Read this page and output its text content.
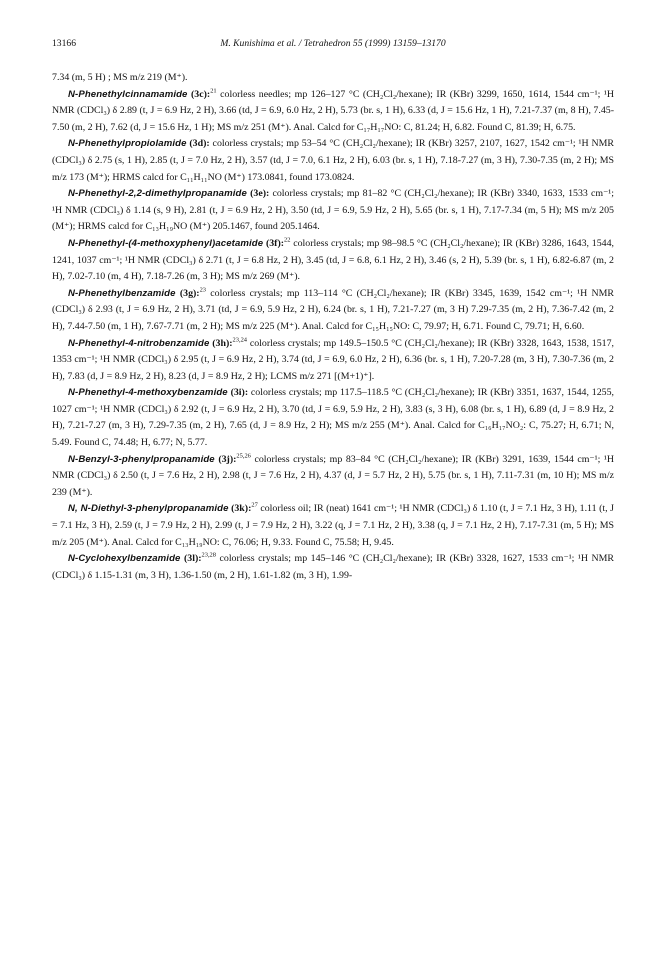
13166	M. Kunishima et al. / Tetrahedron 55 (1999) 13159–13170

7.34 (m, 5 H) ; MS m/z 219 (M⁺).

N-Phenethylcinnamamide (3c):$^{21}$ colorless needles; mp 126–127 °C (CH₂Cl₂/hexane); IR (KBr) 3299, 1650, 1614, 1544 cm⁻¹; ¹H NMR (CDCl₃) δ 2.89 (t, J = 6.9 Hz, 2 H), 3.66 (td, J = 6.9, 6.0 Hz, 2 H), 5.73 (br. s, 1 H), 6.33 (d, J = 15.6 Hz, 1 H), 7.21-7.37 (m, 8 H), 7.45-7.50 (m, 2 H), 7.62 (d, J = 15.6 Hz, 1 H); MS m/z 251 (M⁺). Anal. Calcd for C₁₇H₁₇NO: C, 81.24; H, 6.82. Found C, 81.39; H, 6.75.

N-Phenethylpropiolamide (3d): colorless crystals; mp 53–54 °C (CH₂Cl₂/hexane); IR (KBr) 3257, 2107, 1627, 1542 cm⁻¹; ¹H NMR (CDCl₃) δ 2.75 (s, 1 H), 2.85 (t, J = 7.0 Hz, 2 H), 3.57 (td, J = 7.0, 6.1 Hz, 2 H), 6.03 (br. s, 1 H), 7.18-7.27 (m, 3 H), 7.30-7.35 (m, 2 H); MS m/z 173 (M⁺); HRMS calcd for C₁₁H₁₁NO (M⁺) 173.0841, found 173.0824.

N-Phenethyl-2,2-dimethylpropanamide (3e): colorless crystals; mp 81–82 °C (CH₂Cl₂/hexane); IR (KBr) 3340, 1633, 1533 cm⁻¹; ¹H NMR (CDCl₃) δ 1.14 (s, 9 H), 2.81 (t, J = 6.9 Hz, 2 H), 3.50 (td, J = 6.9, 5.9 Hz, 2 H), 5.65 (br. s, 1 H), 7.17-7.34 (m, 5 H); MS m/z 205 (M⁺); HRMS calcd for C₁₃H₁₉NO (M⁺) 205.1467, found 205.1464.

N-Phenethyl-(4-methoxyphenyl)acetamide (3f):$^{22}$ colorless crystals; mp 98–98.5 °C (CH₂Cl₂/hexane); IR (KBr) 3286, 1643, 1544, 1241, 1037 cm⁻¹; ¹H NMR (CDCl₃) δ 2.71 (t, J = 6.8 Hz, 2 H), 3.45 (td, J = 6.8, 6.1 Hz, 2 H), 3.46 (s, 2 H), 5.39 (br. s, 1 H), 6.82-6.87 (m, 2 H), 7.02-7.10 (m, 4 H), 7.18-7.26 (m, 3 H); MS m/z 269 (M⁺).

N-Phenethylbenzamide (3g):$^{23}$ colorless crystals; mp 113–114 °C (CH₂Cl₂/hexane); IR (KBr) 3345, 1639, 1542 cm⁻¹; ¹H NMR (CDCl₃) δ 2.93 (t, J = 6.9 Hz, 2 H), 3.71 (td, J = 6.9, 5.9 Hz, 2 H), 6.24 (br. s, 1 H), 7.21-7.27 (m, 3 H) 7.29-7.35 (m, 2 H), 7.36-7.42 (m, 2 H), 7.44-7.50 (m, 1 H), 7.67-7.71 (m, 2 H); MS m/z 225 (M⁺). Anal. Calcd for C₁₅H₁₅NO: C, 79.97; H, 6.71. Found C, 79.71; H, 6.60.

N-Phenethyl-4-nitrobenzamide (3h):$^{23,24}$ colorless crystals; mp 149.5–150.5 °C (CH₂Cl₂/hexane); IR (KBr) 3328, 1643, 1538, 1517, 1353 cm⁻¹; ¹H NMR (CDCl₃) δ 2.95 (t, J = 6.9 Hz, 2 H), 3.74 (td, J = 6.9, 6.0 Hz, 2 H), 6.36 (br. s, 1 H), 7.20-7.28 (m, 3 H), 7.30-7.36 (m, 2 H), 7.83 (d, J = 8.9 Hz, 2 H), 8.23 (d, J = 8.9 Hz, 2 H); LCMS m/z 271 [(M+1)⁺].

N-Phenethyl-4-methoxybenzamide (3i): colorless crystals; mp 117.5–118.5 °C (CH₂Cl₂/hexane); IR (KBr) 3351, 1637, 1544, 1255, 1027 cm⁻¹; ¹H NMR (CDCl₃) δ 2.92 (t, J = 6.9 Hz, 2 H), 3.70 (td, J = 6.9, 5.9 Hz, 2 H), 3.83 (s, 3 H), 6.08 (br. s, 1 H), 6.89 (d, J = 8.9 Hz, 2 H), 7.21-7.27 (m, 3 H), 7.29-7.35 (m, 2 H), 7.65 (d, J = 8.9 Hz, 2 H); MS m/z 255 (M⁺). Anal. Calcd for C₁₆H₁₇NO₂: C, 75.27; H, 6.71; N, 5.49. Found C, 74.48; H, 6.77; N, 5.77.

N-Benzyl-3-phenylpropanamide (3j):$^{25,26}$ colorless crystals; mp 83–84 °C (CH₂Cl₂/hexane); IR (KBr) 3291, 1639, 1544 cm⁻¹; ¹H NMR (CDCl₃) δ 2.50 (t, J = 7.6 Hz, 2 H), 2.98 (t, J = 7.6 Hz, 2 H), 4.37 (d, J = 5.7 Hz, 2 H), 5.75 (br. s, 1 H), 7.11-7.31 (m, 10 H); MS m/z 239 (M⁺).

N, N-Diethyl-3-phenylpropanamide (3k):$^{27}$ colorless oil; IR (neat) 1641 cm⁻¹; ¹H NMR (CDCl₃) δ 1.10 (t, J = 7.1 Hz, 3 H), 1.11 (t, J = 7.1 Hz, 3 H), 2.59 (t, J = 7.9 Hz, 2 H), 2.99 (t, J = 7.9 Hz, 2 H), 3.22 (q, J = 7.1 Hz, 2 H), 3.38 (q, J = 7.1 Hz, 2 H), 7.17-7.31 (m, 5 H); MS m/z 205 (M⁺). Anal. Calcd for C₁₃H₁₉NO: C, 76.06; H, 9.33. Found C, 75.58; H, 9.45.

N-Cyclohexylbenzamide (3l):$^{23,28}$ colorless crystals; mp 145–146 °C (CH₂Cl₂/hexane); IR (KBr) 3328, 1627, 1533 cm⁻¹; ¹H NMR (CDCl₃) δ 1.15-1.31 (m, 3 H), 1.36-1.50 (m, 2 H), 1.61-1.82 (m, 3 H), 1.99-
